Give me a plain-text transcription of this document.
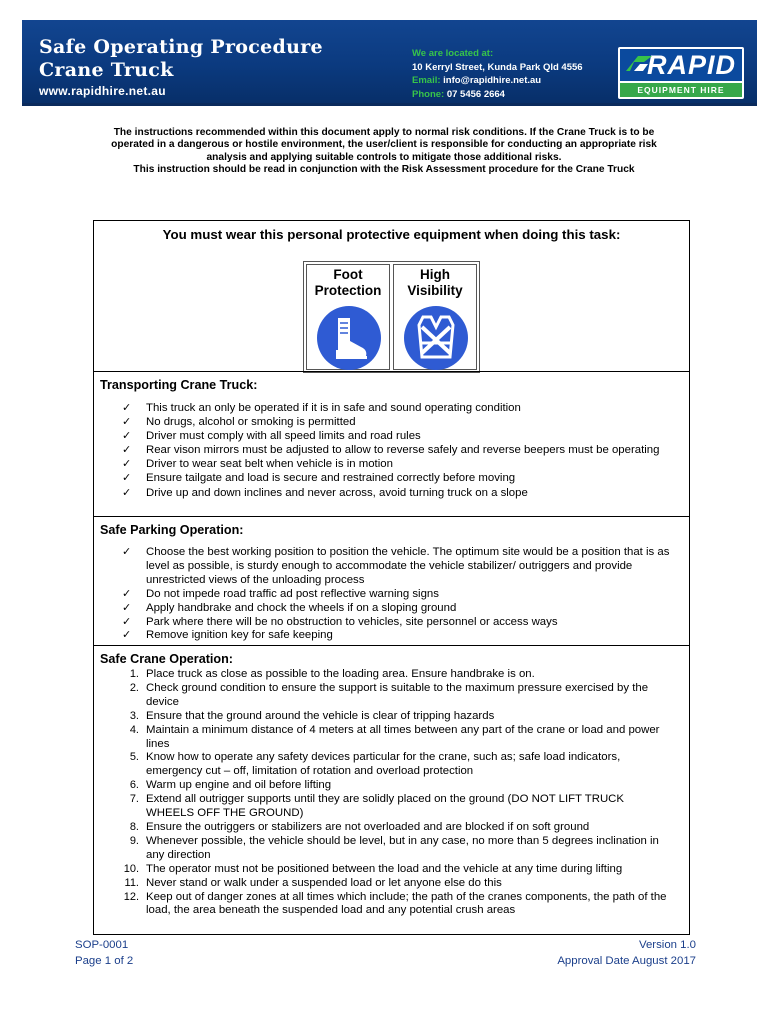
Safe Operating Procedure
Crane Truck
www.rapidhire.net.au
We are located at:
10 Kerryl Street, Kunda Park Qld 4556
Email: info@rapidhire.net.au
Phone: 07 5456 2664
RAPID
EQUIPMENT HIRE
The instructions recommended within this document apply to normal risk conditions. If the Crane Truck is to be operated in a dangerous or hostile environment, the user/client is responsible for conducting an appropriate risk analysis and applying suitable controls to mitigate those additional risks.
This instruction should be read in conjunction with the Risk Assessment procedure for the Crane Truck
You must wear this personal protective equipment when doing this task:
Foot
Protection
High
Visibility
Transporting Crane Truck:
✓ This truck an only be operated if it is in safe and sound operating condition
✓ No drugs, alcohol or smoking is permitted
✓ Driver must comply with all speed limits and road rules
✓ Rear vison mirrors must be adjusted to allow to reverse safely and reverse beepers must be operating
✓ Driver to wear seat belt when vehicle is in motion
✓ Ensure tailgate and load is secure and restrained correctly before moving
✓ Drive up and down inclines and never across, avoid turning truck on a slope
Safe Parking Operation:
✓ Choose the best working position to position the vehicle. The optimum site would be a position that is as level as possible, is sturdy enough to accommodate the vehicle stabilizer/ outriggers and provide unrestricted views of the unloading process
✓ Do not impede road traffic ad post reflective warning signs
✓ Apply handbrake and chock the wheels if on a sloping ground
✓ Park where there will be no obstruction to vehicles, site personnel or access ways
✓ Remove ignition key for safe keeping
Safe Crane Operation:
1. Place truck as close as possible to the loading area. Ensure handbrake is on.
2. Check ground condition to ensure the support is suitable to the maximum pressure exercised by the device
3. Ensure that the ground around the vehicle is clear of tripping hazards
4. Maintain a minimum distance of 4 meters at all times between any part of the crane or load and power lines
5. Know how to operate any safety devices particular for the crane, such as; safe load indicators, emergency cut – off, limitation of rotation and overload protection
6. Warm up engine and oil before lifting
7. Extend all outrigger supports until they are solidly placed on the ground (DO NOT LIFT TRUCK WHEELS OFF THE GROUND)
8. Ensure the outriggers or stabilizers are not overloaded and are blocked if on soft ground
9. Whenever possible, the vehicle should be level, but in any case, no more than 5 degrees inclination in any direction
10. The operator must not be positioned between the load and the vehicle at any time during lifting
11. Never stand or walk under a suspended load or let anyone else do this
12. Keep out of danger zones at all times which include; the path of the cranes components, the path of the load, the area beneath the suspended load and any potential crush areas
SOP-0001
Page 1 of 2
Version 1.0
Approval Date August 2017
